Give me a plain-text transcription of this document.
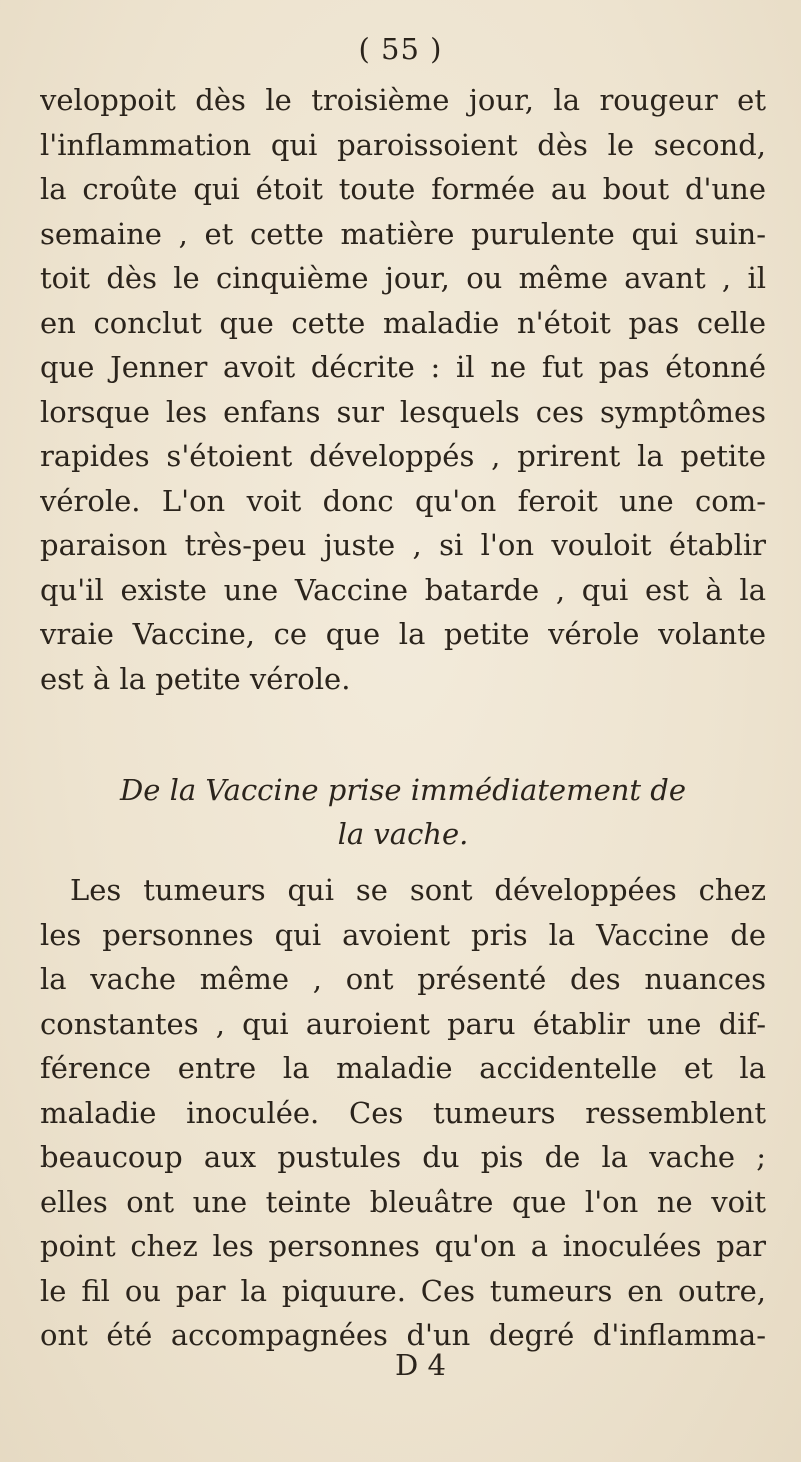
( 55 )
veloppoit dès le troisième jour, la rougeur et
l'inflammation qui paroissoient dès le second,
la croûte qui étoit toute formée au bout d'une
semaine , et cette matière purulente qui suin-
toit dès le cinquième jour, ou même avant , il
en conclut que cette maladie n'étoit pas celle
que Jenner avoit décrite : il ne fut pas étonné
lorsque les enfans sur lesquels ces symptômes
rapides s'étoient développés , prirent la petite
vérole. L'on voit donc qu'on feroit une com-
paraison très-peu juste , si l'on vouloit établir
qu'il existe une Vaccine batarde , qui est à la
vraie Vaccine, ce que la petite vérole volante
est à la petite vérole.
De la Vaccine prise immédiatement de
la vache.
Les tumeurs qui se sont développées chez
les personnes qui avoient pris la Vaccine de
la vache même , ont présenté des nuances
constantes , qui auroient paru établir une dif-
férence entre la maladie accidentelle et la
maladie inoculée. Ces tumeurs ressemblent
beaucoup aux pustules du pis de la vache ;
elles ont une teinte bleuâtre que l'on ne voit
point chez les personnes qu'on a inoculées par
le fil ou par la piquure. Ces tumeurs en outre,
ont été accompagnées d'un degré d'inflamma-
D 4
